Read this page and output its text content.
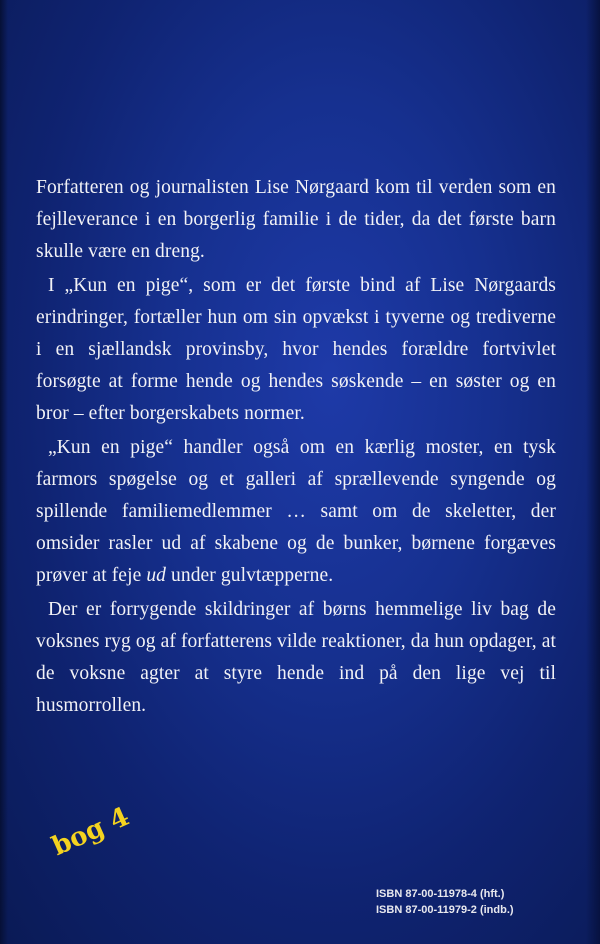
Forfatteren og journalisten Lise Nørgaard kom til verden som en fejlleverance i en borgerlig familie i de tider, da det første barn skulle være en dreng.

I „Kun en pige“, som er det første bind af Lise Nørgaards erindringer, fortæller hun om sin opvækst i tyverne og trediverne i en sjællandsk provinsby, hvor hendes forældre fortvivlet forsøgte at forme hende og hendes søskende – en søster og en bror – efter borgerskabets normer.

„Kun en pige“ handler også om en kærlig moster, en tysk farmors spøgelse og et galleri af sprællevende syngende og spillende familiemedlemmer … samt om de skeletter, der omsider rasler ud af skabene og de bunker, børnene forgæves prøver at feje ud under gulvtæpperne.

Der er forrygende skildringer af børns hemmelige liv bag de voksnes ryg og af forfatterens vilde reaktioner, da hun opdager, at de voksne agter at styre hende ind på den lige vej til husmorrollen.

bog 4
ISBN 87-00-11978-4 (hft.)
ISBN 87-00-11979-2 (indb.)
